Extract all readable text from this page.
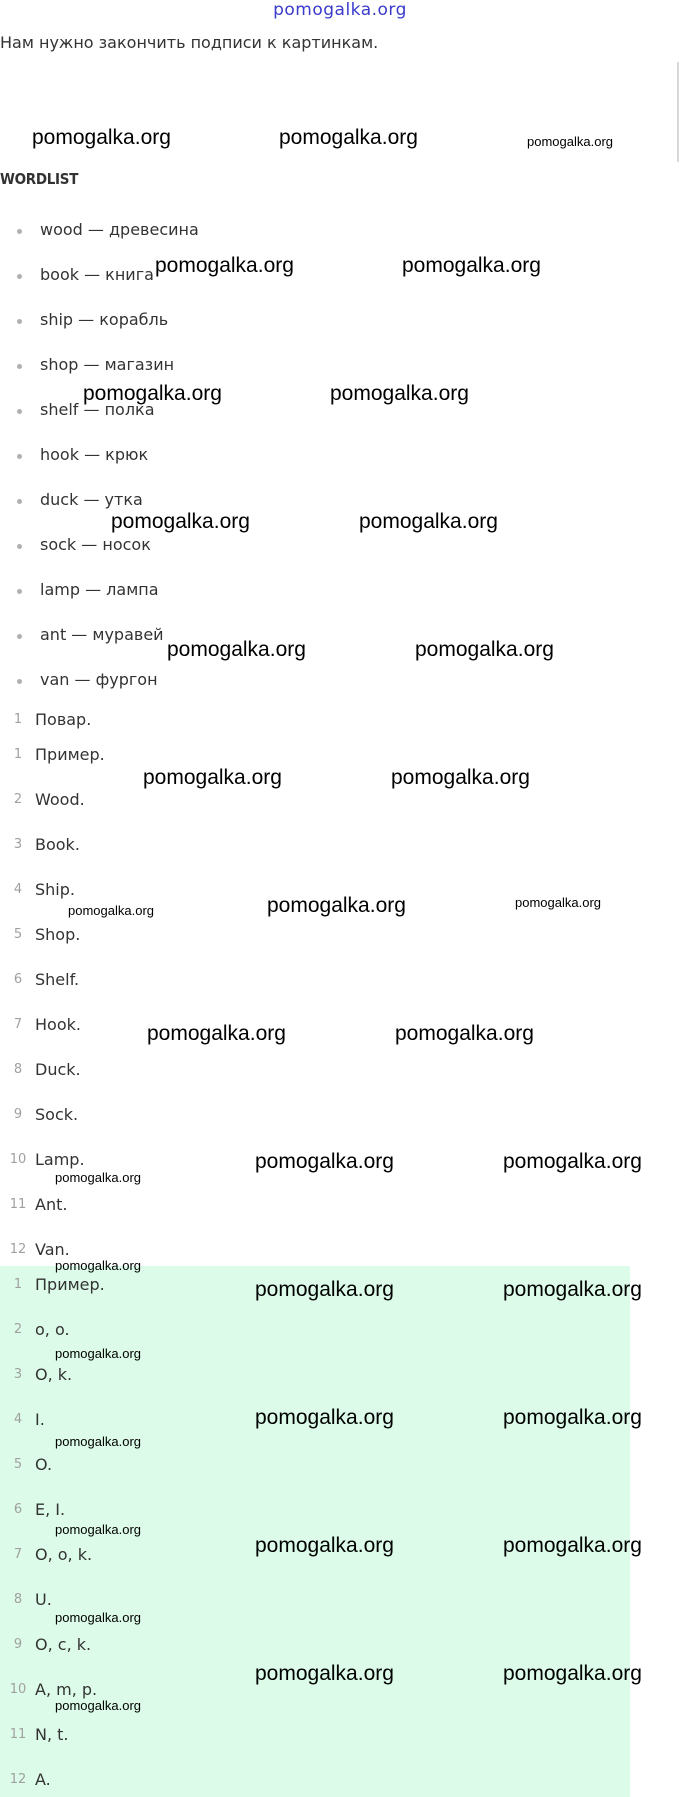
pomogalka.org
Нам нужно закончить подписи к картинкам.
WORDLIST
wood — древесина
book — книга
ship — корабль
shop — магазин
shelf — полка
hook — крюк
duck — утка
sock — носок
lamp — лампа
ant — муравей
van — фургон
1 Повар.
1 Пример.
2 Wood.
3 Book.
4 Ship.
5 Shop.
6 Shelf.
7 Hook.
8 Duck.
9 Sock.
10 Lamp.
11 Ant.
12 Van.
1 Пример.
2 o, o.
3 O, k.
4 I.
5 O.
6 E, I.
7 O, o, k.
8 U.
9 O, c, k.
10 A, m, p.
11 N, t.
12 A.
pomogalka.org	pomogalka.org	pomogalka.org
pomogalka.org	pomogalka.org
pomogalka.org	pomogalka.org
pomogalka.org	pomogalka.org
pomogalka.org	pomogalka.org
pomogalka.org	pomogalka.org
pomogalka.org	pomogalka.org	pomogalka.org
pomogalka.org	pomogalka.org
pomogalka.org	pomogalka.org
pomogalka.org
pomogalka.org
pomogalka.org	pomogalka.org
pomogalka.org
pomogalka.org	pomogalka.org
pomogalka.org
pomogalka.org
pomogalka.org	pomogalka.org
pomogalka.org
pomogalka.org	pomogalka.org
pomogalka.org
